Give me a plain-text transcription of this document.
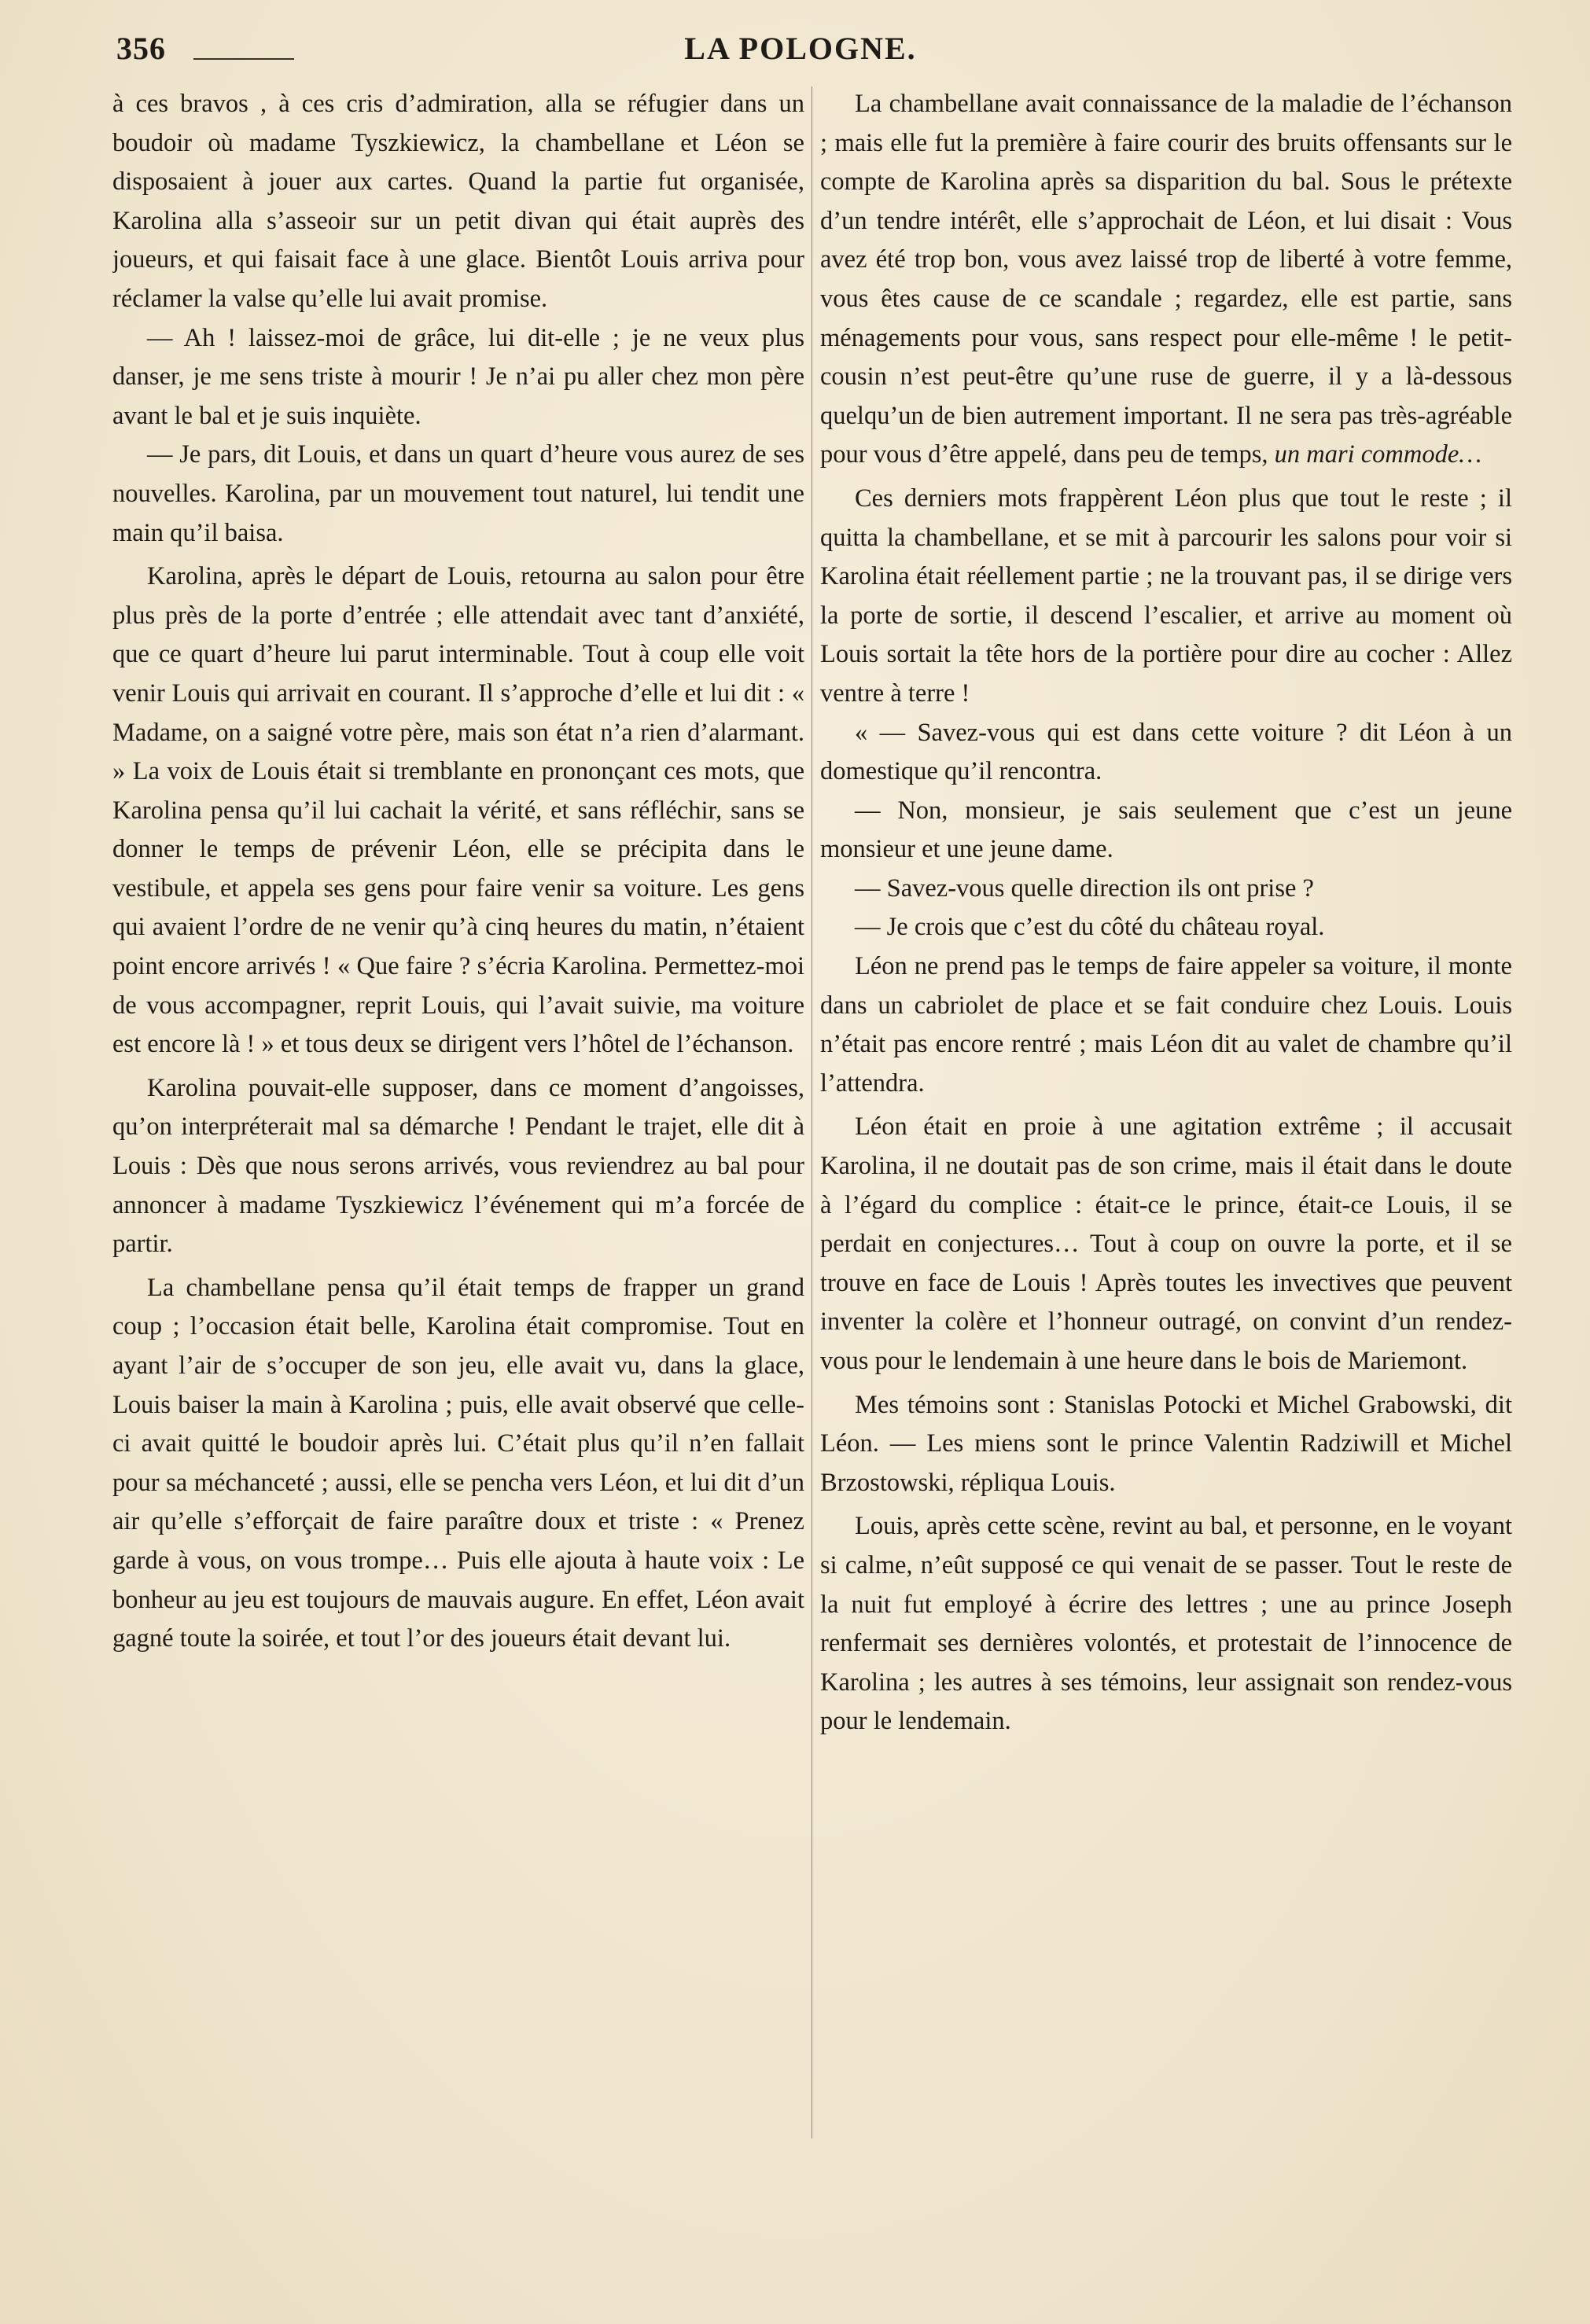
356	LA POLOGNE.

à ces bravos , à ces cris d’admiration, alla se réfugier dans un boudoir où madame Tyszkiewicz, la chambellane et Léon se disposaient à jouer aux cartes. Quand la partie fut organisée, Karolina alla s’asseoir sur un petit divan qui était auprès des joueurs, et qui faisait face à une glace. Bientôt Louis arriva pour réclamer la valse qu’elle lui avait promise.

— Ah ! laissez-moi de grâce, lui dit-elle ; je ne veux plus danser, je me sens triste à mourir ! Je n’ai pu aller chez mon père avant le bal et je suis inquiète.

— Je pars, dit Louis, et dans un quart d’heure vous aurez de ses nouvelles. Karolina, par un mouvement tout naturel, lui tendit une main qu’il baisa.

Karolina, après le départ de Louis, retourna au salon pour être plus près de la porte d’entrée ; elle attendait avec tant d’anxiété, que ce quart d’heure lui parut interminable. Tout à coup elle voit venir Louis qui arrivait en courant. Il s’approche d’elle et lui dit : « Madame, on a saigné votre père, mais son état n’a rien d’alarmant. » La voix de Louis était si tremblante en prononçant ces mots, que Karolina pensa qu’il lui cachait la vérité, et sans réfléchir, sans se donner le temps de prévenir Léon, elle se précipita dans le vestibule, et appela ses gens pour faire venir sa voiture. Les gens qui avaient l’ordre de ne venir qu’à cinq heures du matin, n’étaient point encore arrivés ! « Que faire ? s’écria Karolina. Permettez-moi de vous accompagner, reprit Louis, qui l’avait suivie, ma voiture est encore là ! » et tous deux se dirigent vers l’hôtel de l’échanson.

Karolina pouvait-elle supposer, dans ce moment d’angoisses, qu’on interpréterait mal sa démarche ! Pendant le trajet, elle dit à Louis : Dès que nous serons arrivés, vous reviendrez au bal pour annoncer à madame Tyszkiewicz l’événement qui m’a forcée de partir.

La chambellane pensa qu’il était temps de frapper un grand coup ; l’occasion était belle, Karolina était compromise. Tout en ayant l’air de s’occuper de son jeu, elle avait vu, dans la glace, Louis baiser la main à Karolina ; puis, elle avait observé que celle-ci avait quitté le boudoir après lui. C’était plus qu’il n’en fallait pour sa méchanceté ; aussi, elle se pencha vers Léon, et lui dit d’un air qu’elle s’efforçait de faire paraître doux et triste : « Prenez garde à vous, on vous trompe… Puis elle ajouta à haute voix : Le bonheur au jeu est toujours de mauvais augure. En effet, Léon avait gagné toute la soirée, et tout l’or des joueurs était devant lui.

La chambellane avait connaissance de la maladie de l’échanson ; mais elle fut la première à faire courir des bruits offensants sur le compte de Karolina après sa disparition du bal. Sous le prétexte d’un tendre intérêt, elle s’approchait de Léon, et lui disait : Vous avez été trop bon, vous avez laissé trop de liberté à votre femme, vous êtes cause de ce scandale ; regardez, elle est partie, sans ménagements pour vous, sans respect pour elle-même ! le petit-cousin n’est peut-être qu’une ruse de guerre, il y a là-dessous quelqu’un de bien autrement important. Il ne sera pas très-agréable pour vous d’être appelé, dans peu de temps, un mari commode…

Ces derniers mots frappèrent Léon plus que tout le reste ; il quitta la chambellane, et se mit à parcourir les salons pour voir si Karolina était réellement partie ; ne la trouvant pas, il se dirige vers la porte de sortie, il descend l’escalier, et arrive au moment où Louis sortait la tête hors de la portière pour dire au cocher : Allez ventre à terre !

« — Savez-vous qui est dans cette voiture ? dit Léon à un domestique qu’il rencontra.

— Non, monsieur, je sais seulement que c’est un jeune monsieur et une jeune dame.

— Savez-vous quelle direction ils ont prise ?

— Je crois que c’est du côté du château royal.

Léon ne prend pas le temps de faire appeler sa voiture, il monte dans un cabriolet de place et se fait conduire chez Louis. Louis n’était pas encore rentré ; mais Léon dit au valet de chambre qu’il l’attendra.

Léon était en proie à une agitation extrême ; il accusait Karolina, il ne doutait pas de son crime, mais il était dans le doute à l’égard du complice : était-ce le prince, était-ce Louis, il se perdait en conjectures… Tout à coup on ouvre la porte, et il se trouve en face de Louis ! Après toutes les invectives que peuvent inventer la colère et l’honneur outragé, on convint d’un rendez-vous pour le lendemain à une heure dans le bois de Mariemont.

Mes témoins sont : Stanislas Potocki et Michel Grabowski, dit Léon. — Les miens sont le prince Valentin Radziwill et Michel Brzostowski, répliqua Louis.

Louis, après cette scène, revint au bal, et personne, en le voyant si calme, n’eût supposé ce qui venait de se passer. Tout le reste de la nuit fut employé à écrire des lettres ; une au prince Joseph renfermait ses dernières volontés, et protestait de l’innocence de Karolina ; les autres à ses témoins, leur assignait son rendez-vous pour le lendemain.
